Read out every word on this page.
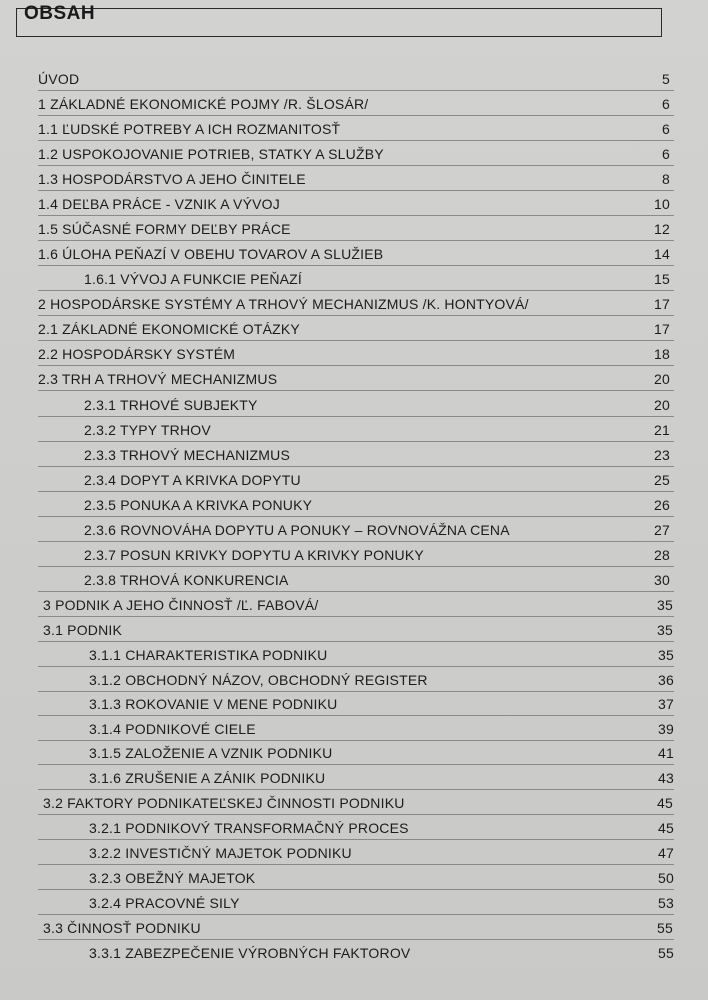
OBSAH
ÚVOD	5
1 ZÁKLADNÉ EKONOMICKÉ POJMY /R. ŠLOSÁR/	6
1.1 ĽUDSKÉ POTREBY A ICH ROZMANITOSŤ	6
1.2 USPOKOJOVANIE POTRIEB, STATKY A SLUŽBY	6
1.3 HOSPODÁRSTVO A JEHO ČINITELE	8
1.4 DEĽBA PRÁCE - VZNIK A VÝVOJ	10
1.5 SÚČASNÉ FORMY DEĽBY PRÁCE	12
1.6 ÚLOHA PEŇAZÍ V OBEHU TOVAROV A SLUŽIEB	14
1.6.1 VÝVOJ A FUNKCIE PEŇAZÍ	15
2 HOSPODÁRSKE SYSTÉMY A TRHOVÝ MECHANIZMUS /K. HONTYOVÁ/	17
2.1 ZÁKLADNÉ EKONOMICKÉ OTÁZKY	17
2.2 HOSPODÁRSKY SYSTÉM	18
2.3 TRH A TRHOVÝ MECHANIZMUS	20
2.3.1 TRHOVÉ SUBJEKTY	20
2.3.2 TYPY TRHOV	21
2.3.3 TRHOVÝ MECHANIZMUS	23
2.3.4 DOPYT A KRIVKA DOPYTU	25
2.3.5 PONUKA A KRIVKA PONUKY	26
2.3.6 ROVNOVÁHA DOPYTU A PONUKY – ROVNOVÁŽNA CENA	27
2.3.7 POSUN KRIVKY DOPYTU A KRIVKY PONUKY	28
2.3.8 TRHOVÁ KONKURENCIA	30
3 PODNIK A JEHO ČINNOSŤ /Ľ. FABOVÁ/	35
3.1 PODNIK	35
3.1.1 CHARAKTERISTIKA PODNIKU	35
3.1.2 OBCHODNÝ NÁZOV, OBCHODNÝ REGISTER	36
3.1.3 ROKOVANIE V MENE PODNIKU	37
3.1.4 PODNIKOVÉ CIELE	39
3.1.5 ZALOŽENIE A VZNIK PODNIKU	41
3.1.6 ZRUŠENIE A ZÁNIK PODNIKU	43
3.2 FAKTORY PODNIKATEĽSKEJ ČINNOSTI PODNIKU	45
3.2.1 PODNIKOVÝ TRANSFORMAČNÝ PROCES	45
3.2.2 INVESTIČNÝ MAJETOK PODNIKU	47
3.2.3 OBEŽNÝ MAJETOK	50
3.2.4 PRACOVNÉ SILY	53
3.3 ČINNOSŤ PODNIKU	55
3.3.1 ZABEZPEČENIE VÝROBNÝCH FAKTOROV	55
